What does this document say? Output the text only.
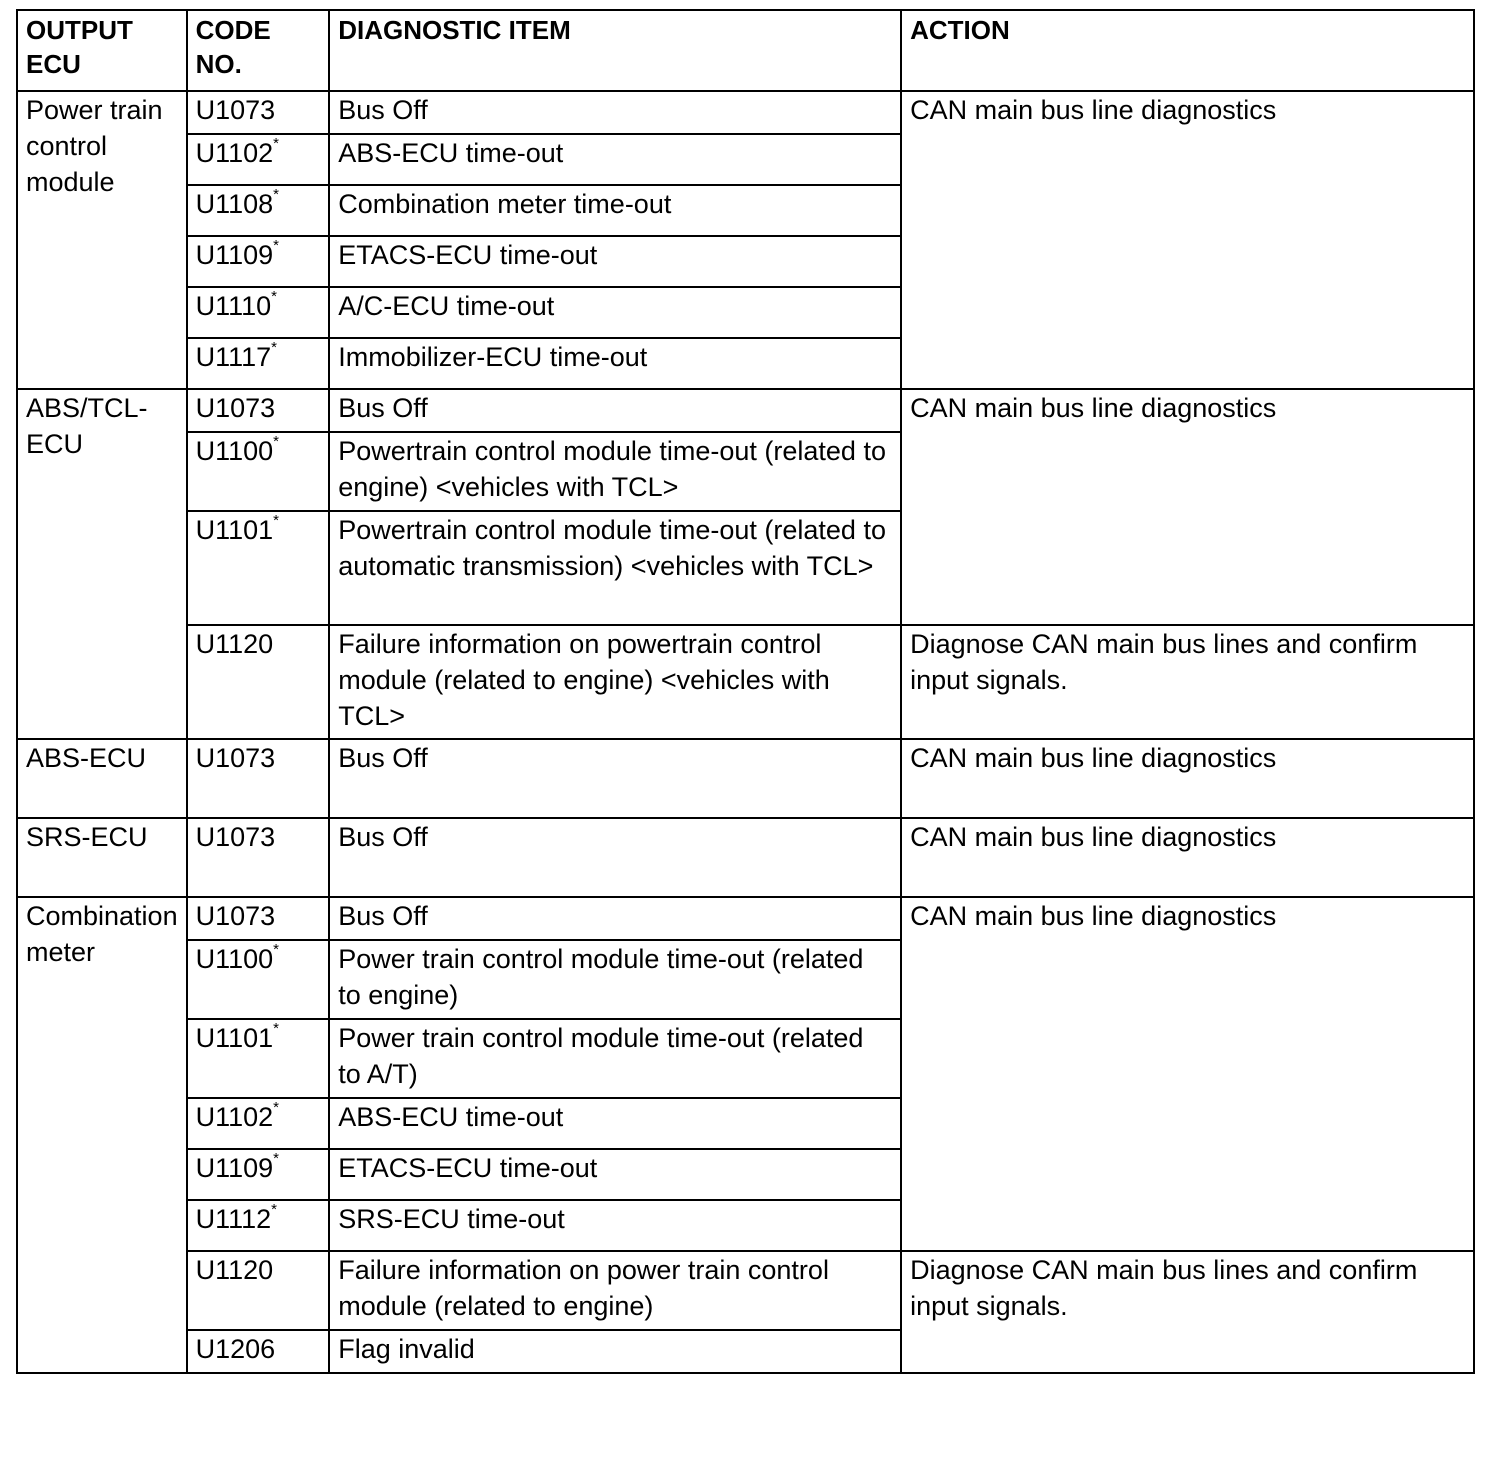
OUTPUT ECU	CODE NO.	DIAGNOSTIC ITEM	ACTION
Power train control module	U1073	Bus Off	CAN main bus line diagnostics
	U1102*	ABS-ECU time-out	
	U1108*	Combination meter time-out	
	U1109*	ETACS-ECU time-out	
	U1110*	A/C-ECU time-out	
	U1117*	Immobilizer-ECU time-out	
ABS/TCL-ECU	U1073	Bus Off	CAN main bus line diagnostics
	U1100*	Powertrain control module time-out (related to engine) <vehicles with TCL>	
	U1101*	Powertrain control module time-out (related to automatic transmission) <vehicles with TCL>	
	U1120	Failure information on powertrain control module (related to engine) <vehicles with TCL>	Diagnose CAN main bus lines and confirm input signals.
ABS-ECU	U1073	Bus Off	CAN main bus line diagnostics
SRS-ECU	U1073	Bus Off	CAN main bus line diagnostics
Combination meter	U1073	Bus Off	CAN main bus line diagnostics
	U1100*	Power train control module time-out (related to engine)	
	U1101*	Power train control module time-out (related to A/T)	
	U1102*	ABS-ECU time-out	
	U1109*	ETACS-ECU time-out	
	U1112*	SRS-ECU time-out	
	U1120	Failure information on power train control module (related to engine)	Diagnose CAN main bus lines and confirm input signals.
	U1206	Flag invalid	
